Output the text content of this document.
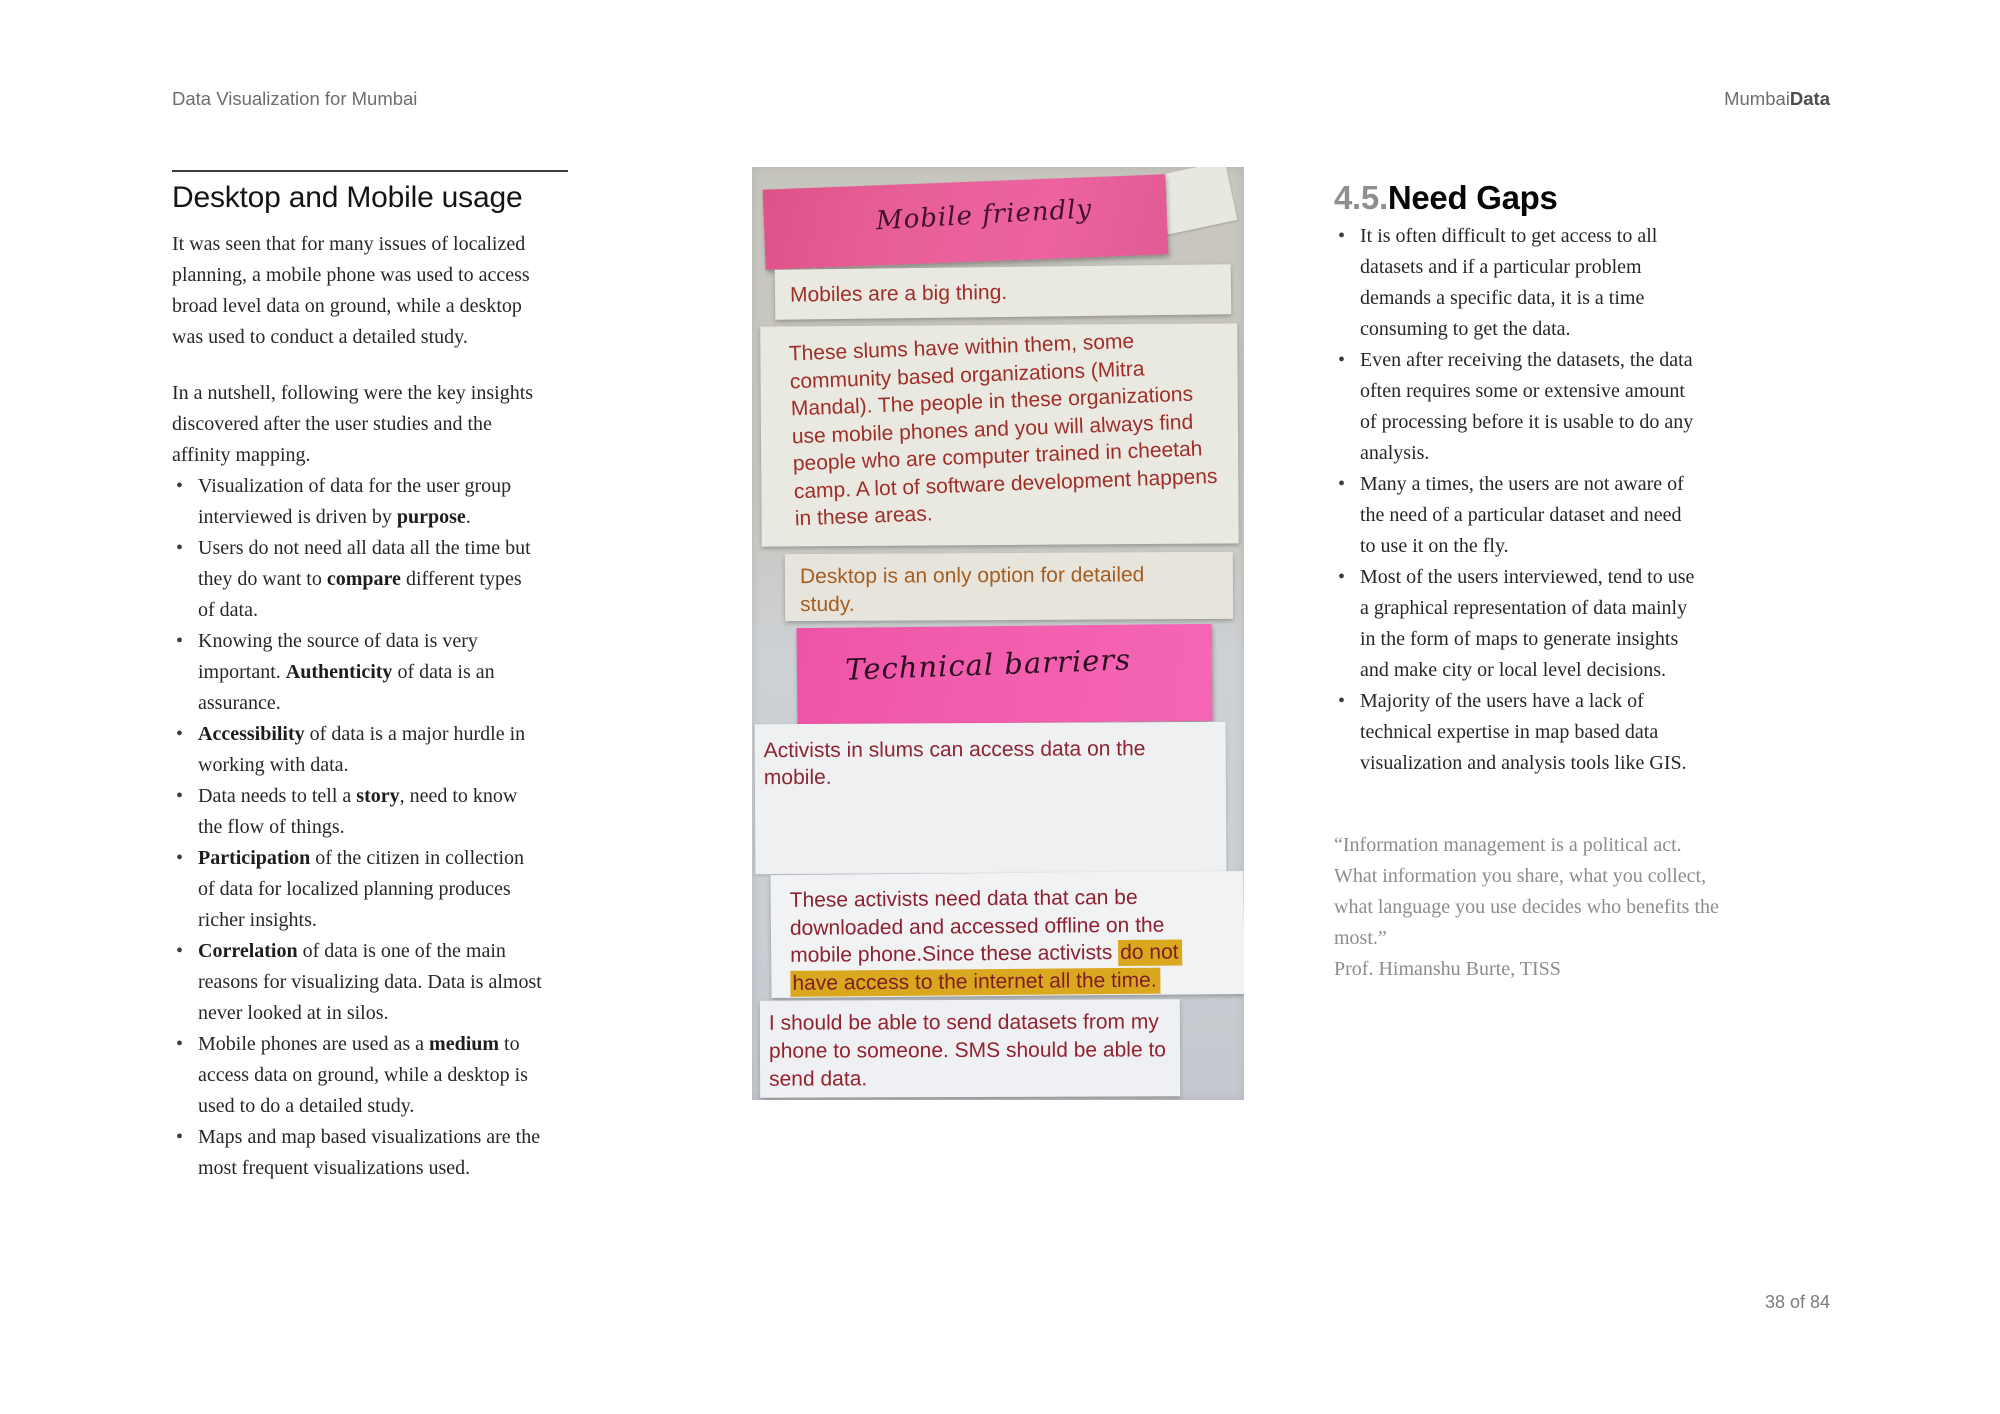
Data Visualization for Mumbai	MumbaiData
Desktop and Mobile usage

It was seen that for many issues of localized
planning, a mobile phone was used to access
broad level data on ground, while a desktop
was used to conduct a detailed study.

In a nutshell, following were the key insights
discovered after the user studies and the
affinity mapping.

• Visualization of data for the user group
interviewed is driven by purpose.
• Users do not need all data all the time but
they do want to compare different types
of data.
• Knowing the source of data is very
important. Authenticity of data is an
assurance.
• Accessibility of data is a major hurdle in
working with data.
• Data needs to tell a story, need to know
the flow of things.
• Participation of the citizen in collection
of data for localized planning produces
richer insights.
• Correlation of data is one of the main
reasons for visualizing data. Data is almost
never looked at in silos.
• Mobile phones are used as a medium to
access data on ground, while a desktop is
used to do a detailed study.
• Maps and map based visualizations are the
most frequent visualizations used.
Mobile friendly
Mobiles are a big thing.
These slums have within them, some
community based organizations (Mitra
Mandal). The people in these organizations
use mobile phones and you will always find
people who are computer trained in cheetah
camp. A lot of software development happens
in these areas.
Desktop is an only option for detailed
study.
Technical barriers
Activists in slums can access data on the
mobile.
These activists need data that can be
downloaded and accessed offline on the
mobile phone.Since these activists do not
have access to the internet all the time.
I should be able to send datasets from my
phone to someone. SMS should be able to
send data.
4.5.Need Gaps
• It is often difficult to get access to all
datasets and if a particular problem
demands a specific data, it is a time
consuming to get the data.
• Even after receiving the datasets, the data
often requires some or extensive amount
of processing before it is usable to do any
analysis.
• Many a times, the users are not aware of
the need of a particular dataset and need
to use it on the fly.
• Most of the users interviewed, tend to use
a graphical representation of data mainly
in the form of maps to generate insights
and make city or local level decisions.
• Majority of the users have a lack of
technical expertise in map based data
visualization and analysis tools like GIS.
“Information management is a political act.
What information you share, what you collect,
what language you use decides who benefits the
most.”
Prof. Himanshu Burte, TISS
38 of 84
